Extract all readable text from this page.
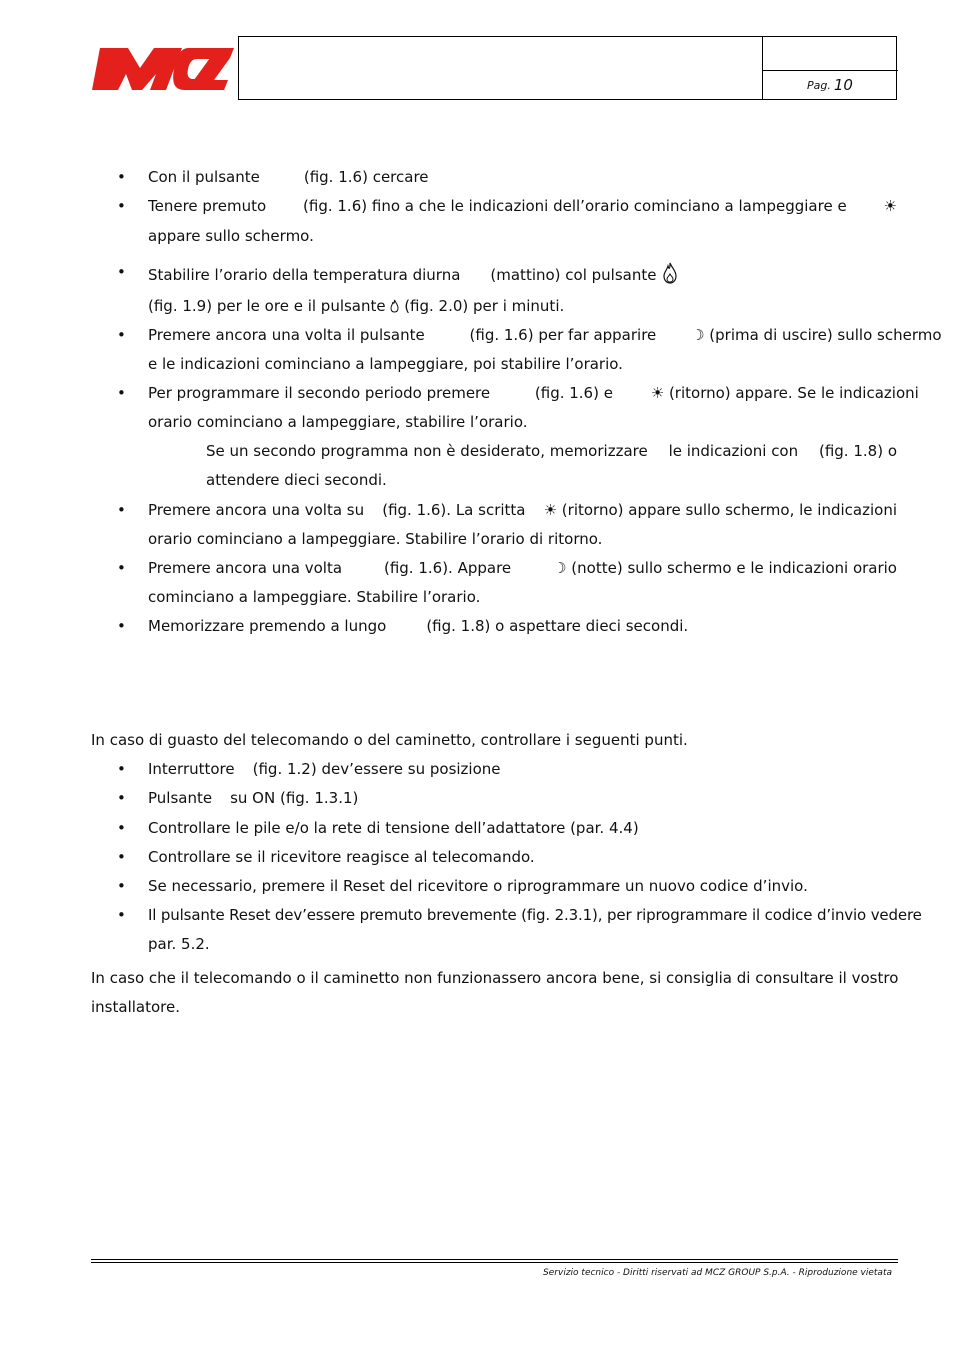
Pag. 10
• Con il pulsante	(fig. 1.6) cercare
• Tenere premuto (fig. 1.6) fino a che le indicazioni dell’orario cominciano a lampeggiare e ☀
appare sullo schermo.
• Stabilire l’orario della temperatura diurna (mattino) col pulsante
(fig. 1.9) per le ore e il pulsante (fig. 2.0) per i minuti.
• Premere ancora una volta il pulsante	(fig. 1.6) per far apparire ☽ (prima di uscire) sullo schermo
e le indicazioni cominciano a lampeggiare, poi stabilire l’orario.
• Per programmare il secondo periodo premere	(fig. 1.6) e	☀ (ritorno) appare. Se le indicazioni
orario cominciano a lampeggiare, stabilire l’orario.
Se un secondo programma non è desiderato, memorizzare le indicazioni con (fig. 1.8) o
attendere dieci secondi.
• Premere ancora una volta su (fig. 1.6). La scritta ☀ (ritorno) appare sullo schermo, le indicazioni
orario cominciano a lampeggiare. Stabilire l’orario di ritorno.
• Premere ancora una volta	(fig. 1.6). Appare	☽ (notte) sullo schermo e le indicazioni orario
cominciano a lampeggiare. Stabilire l’orario.
• Memorizzare premendo a lungo	(fig. 1.8) o aspettare dieci secondi.
In caso di guasto del telecomando o del caminetto, controllare i seguenti punti.
• Interruttore (fig. 1.2) dev’essere su posizione
• Pulsante su ON (fig. 1.3.1)
• Controllare le pile e/o la rete di tensione dell’adattatore (par. 4.4)
• Controllare se il ricevitore reagisce al telecomando.
• Se necessario, premere il Reset del ricevitore o riprogrammare un nuovo codice d’invio.
• Il pulsante Reset dev’essere premuto brevemente (fig. 2.3.1), per riprogrammare il codice d’invio vedere
par. 5.2.
In caso che il telecomando o il caminetto non funzionassero ancora bene, si consiglia di consultare il vostro
installatore.
Servizio tecnico - Diritti riservati ad MCZ GROUP S.p.A. - Riproduzione vietata
